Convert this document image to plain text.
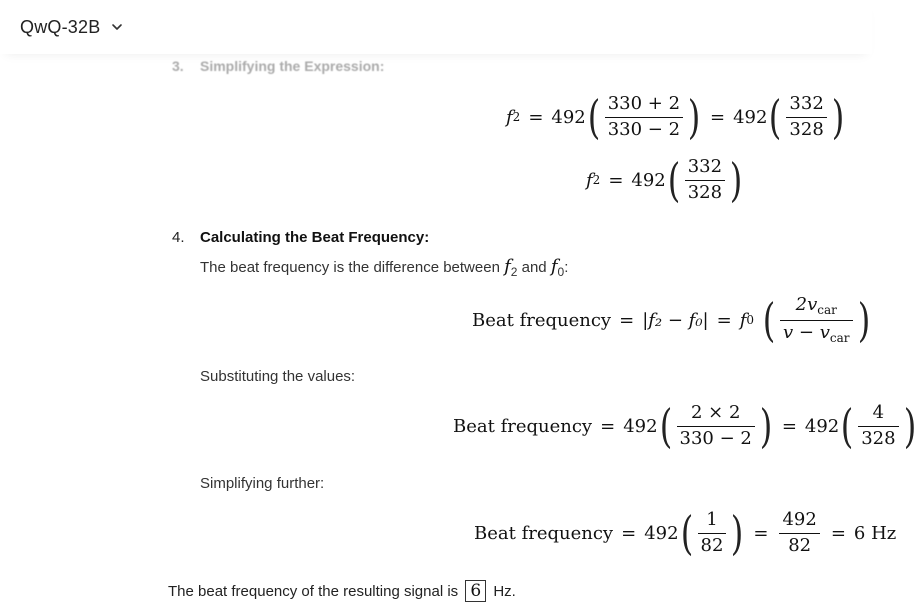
QwQ-32B
3. Simplifying the Expression:
f 2 = 492 ( $\frac{330 + 2}{330 - 2}$ ) = 492 ( $\frac{332}{328}$ )
f 2 = 492 ( $\frac{332}{328}$ )
4. Calculating the Beat Frequency:
The beat frequency is the difference between $f_2$ and $f_0$:
Beat frequency = |f₂ − f₀| = f 0 ( $\frac{2v_{car}}{v - v_{car}}$ )
Substituting the values:
Beat frequency = 492 ( $\frac{2 \times 2}{330 - 2}$ ) = 492 ( $\frac{4}{328}$ )
Simplifying further:
Beat frequency = 492 ( $\frac{1}{82}$ ) = $\frac{492}{82} = 6$
Hz
The beat frequency of the resulting signal is 6 Hz.
